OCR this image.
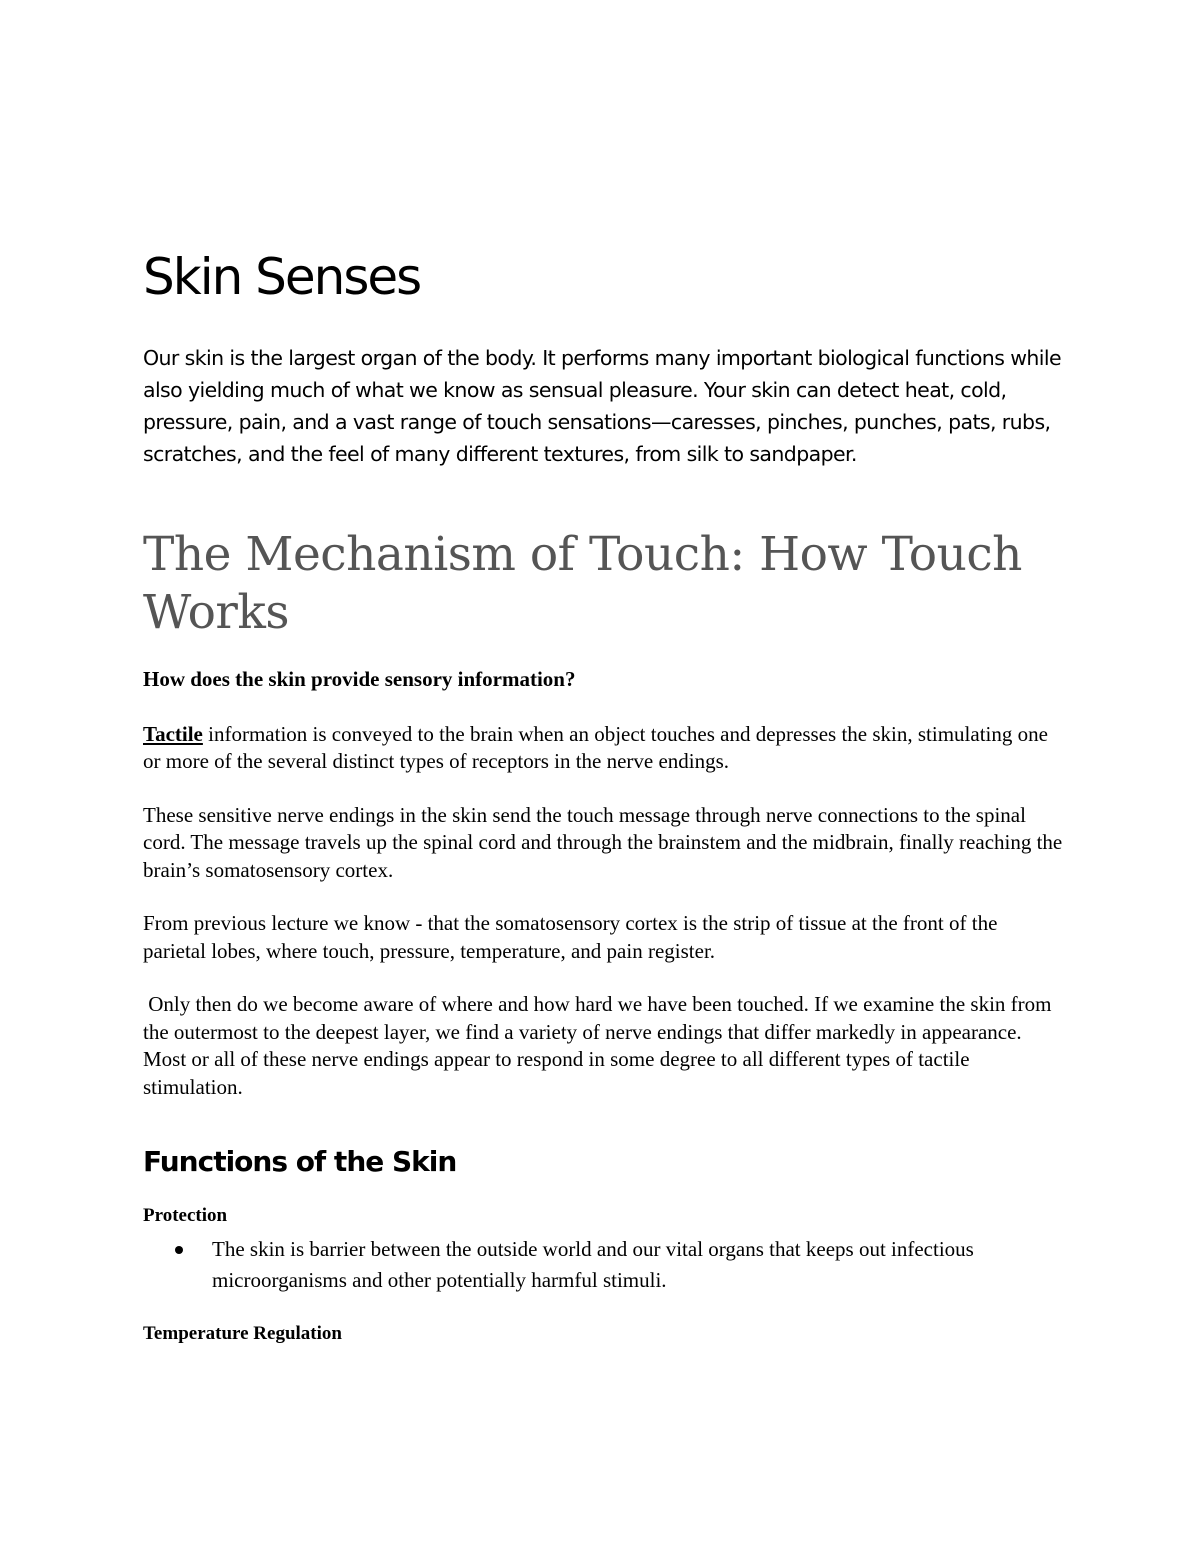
Skin Senses

Our skin is the largest organ of the body. It performs many important biological functions while also yielding much of what we know as sensual pleasure. Your skin can detect heat, cold, pressure, pain, and a vast range of touch sensations—caresses, pinches, punches, pats, rubs, scratches, and the feel of many different textures, from silk to sandpaper.

The Mechanism of Touch: How Touch Works

How does the skin provide sensory information?

Tactile information is conveyed to the brain when an object touches and depresses the skin, stimulating one or more of the several distinct types of receptors in the nerve endings.

These sensitive nerve endings in the skin send the touch message through nerve connections to the spinal cord. The message travels up the spinal cord and through the brainstem and the midbrain, finally reaching the brain’s somatosensory cortex.

From previous lecture we know - that the somatosensory cortex is the strip of tissue at the front of the parietal lobes, where touch, pressure, temperature, and pain register.

Only then do we become aware of where and how hard we have been touched. If we examine the skin from the outermost to the deepest layer, we find a variety of nerve endings that differ markedly in appearance. Most or all of these nerve endings appear to respond in some degree to all different types of tactile stimulation.

Functions of the Skin
Protection
The skin is barrier between the outside world and our vital organs that keeps out infectious microorganisms and other potentially harmful stimuli.
Temperature Regulation
